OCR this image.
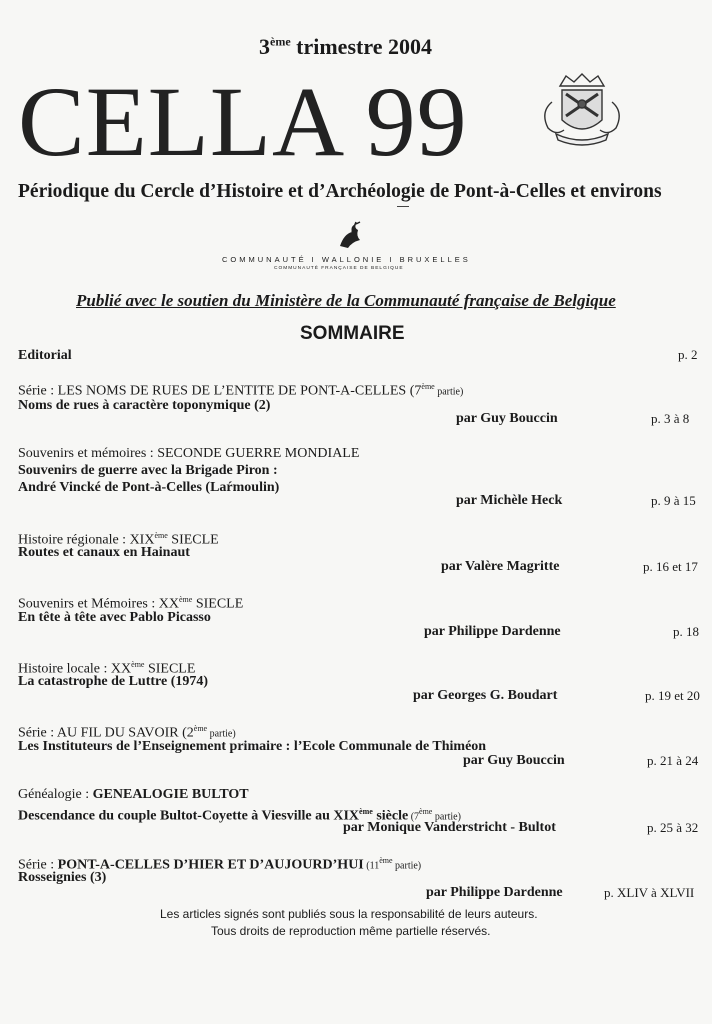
3ème trimestre 2004
CELLA 99
Périodique du Cercle d’Histoire et d’Archéologie de Pont-à-Celles et environs
COMMUNAUTÉ I WALLONIE I BRUXELLES
COMMUNAUTÉ FRANÇAISE DE BELGIQUE
Publié avec le soutien du Ministère de la Communauté française de Belgique
SOMMAIRE
Editorial	p. 2
Série : LES NOMS DE RUES DE L’ENTITE DE PONT-A-CELLES (7ème partie)
Noms de rues à caractère toponymique (2)
par Guy Bouccin	p. 3 à 8
Souvenirs et mémoires : SECONDE GUERRE MONDIALE
Souvenirs de guerre avec la Brigade Piron :
André Vincké de Pont-à-Celles (Laŕmoulin)
par Michèle Heck	p. 9 à 15
Histoire régionale : XIXème SIECLE
Routes et canaux en Hainaut
par Valère Magritte	p. 16 et 17
Souvenirs et Mémoires : XXème SIECLE
En tête à tête avec Pablo Picasso
par Philippe Dardenne	p. 18
Histoire locale : XXème SIECLE
La catastrophe de Luttre (1974)
par Georges G. Boudart	p. 19 et 20
Série : AU FIL DU SAVOIR (2ème partie)
Les Instituteurs de l’Enseignement primaire : l’Ecole Communale de Thiméon
par Guy Bouccin	p. 21 à 24
Généalogie : GENEALOGIE BULTOT
Descendance du couple Bultot-Coyette à Viesville au XIXème siècle (7ème partie)
par Monique Vanderstricht - Bultot	p. 25 à 32
Série : PONT-A-CELLES D’HIER ET D’AUJOURD’HUI (11ème partie)
Rosseignies (3)
par Philippe Dardenne	p. XLIV à XLVII
Les articles signés sont publiés sous la responsabilité de leurs auteurs.
Tous droits de reproduction même partielle réservés.
